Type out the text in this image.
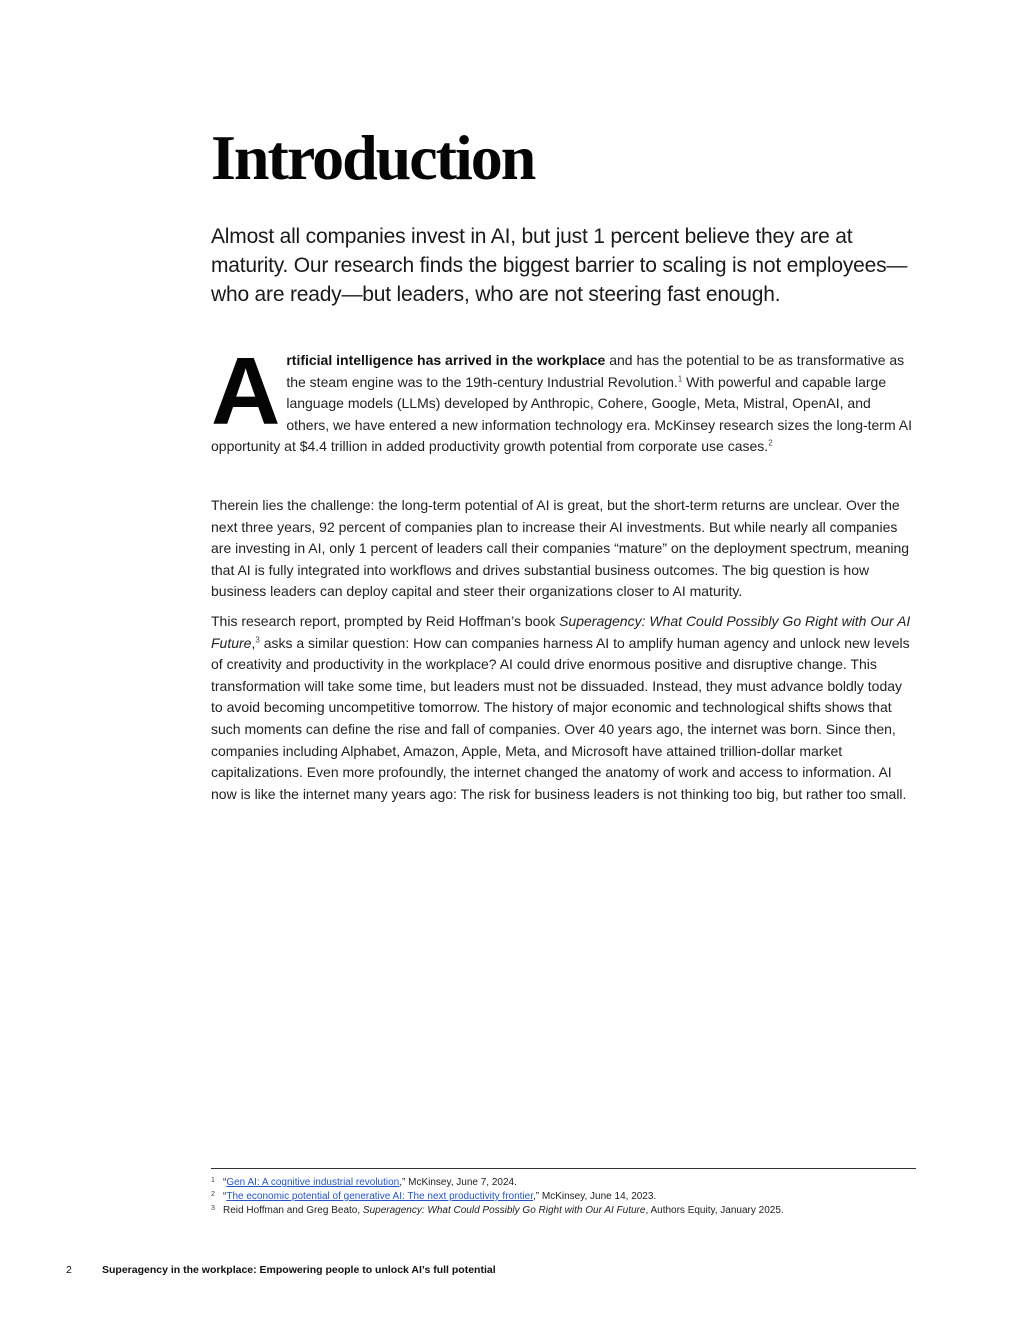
Introduction

Almost all companies invest in AI, but just 1 percent believe they are at maturity. Our research finds the biggest barrier to scaling is not employees—who are ready—but leaders, who are not steering fast enough.

A rtificial intelligence has arrived in the workplace and has the potential to be as transformative as the steam engine was to the 19th-century Industrial Revolution.$^1$ With powerful and capable large language models (LLMs) developed by Anthropic, Cohere, Google, Meta, Mistral, OpenAI, and others, we have entered a new information technology era. McKinsey research sizes the long-term AI opportunity at $4.4 trillion in added productivity growth potential from corporate use cases.$^2$

Therein lies the challenge: the long-term potential of AI is great, but the short-term returns are unclear. Over the next three years, 92 percent of companies plan to increase their AI investments. But while nearly all companies are investing in AI, only 1 percent of leaders call their companies “mature” on the deployment spectrum, meaning that AI is fully integrated into workflows and drives substantial business outcomes. The big question is how business leaders can deploy capital and steer their organizations closer to AI maturity.

This research report, prompted by Reid Hoffman’s book Superagency: What Could Possibly Go Right with Our AI Future,$^3$ asks a similar question: How can companies harness AI to amplify human agency and unlock new levels of creativity and productivity in the workplace? AI could drive enormous positive and disruptive change. This transformation will take some time, but leaders must not be dissuaded. Instead, they must advance boldly today to avoid becoming uncompetitive tomorrow. The history of major economic and technological shifts shows that such moments can define the rise and fall of companies. Over 40 years ago, the internet was born. Since then, companies including Alphabet, Amazon, Apple, Meta, and Microsoft have attained trillion-dollar market capitalizations. Even more profoundly, the internet changed the anatomy of work and access to information. AI now is like the internet many years ago: The risk for business leaders is not thinking too big, but rather too small.
1 “Gen AI: A cognitive industrial revolution,” McKinsey, June 7, 2024.
2 “The economic potential of generative AI: The next productivity frontier,” McKinsey, June 14, 2023.
3 Reid Hoffman and Greg Beato, Superagency: What Could Possibly Go Right with Our AI Future, Authors Equity, January 2025.
2	Superagency in the workplace: Empowering people to unlock AI’s full potential
